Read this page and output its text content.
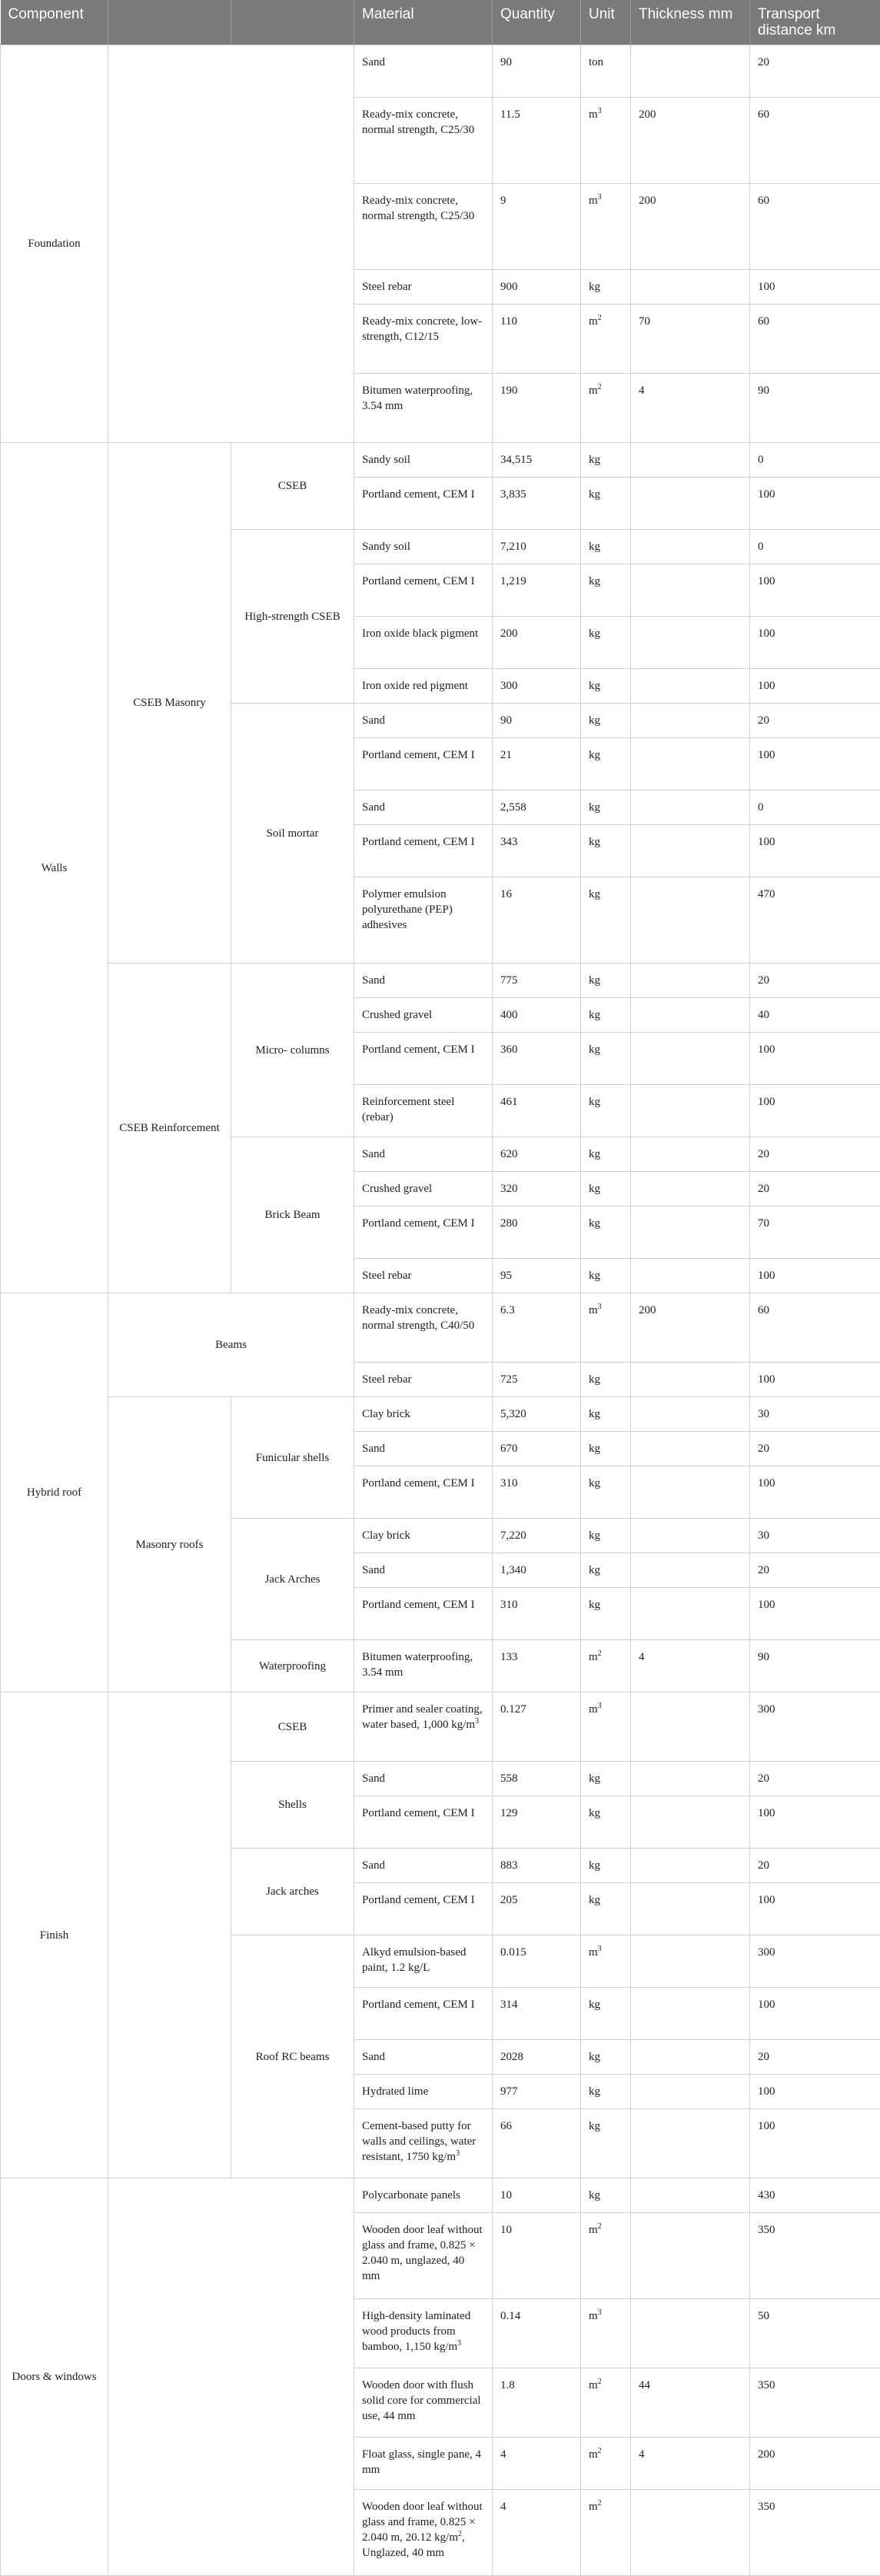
Component			Material	Quantity	Unit	Thickness mm	Transport distance km
Foundation			Sand	90	ton		20
			Ready-mix concrete, normal strength, C25/30	11.5	$m^3$	200	60
			Ready-mix concrete, normal strength, C25/30	9	$m^3$	200	60
			Steel rebar	900	kg		100
			Ready-mix concrete, low-strength, C12/15	110	$m^2$	70	60
			Bitumen waterproofing, 3.54 mm	190	$m^2$	4	90
Walls	CSEB Masonry	CSEB	Sandy soil	34,515	kg		0
			Portland cement, CEM I	3,835	kg		100
		High-strength CSEB	Sandy soil	7,210	kg		0
			Portland cement, CEM I	1,219	kg		100
			Iron oxide black pigment	200	kg		100
			Iron oxide red pigment	300	kg		100
		Soil mortar	Sand	90	kg		20
			Portland cement, CEM I	21	kg		100
			Sand	2,558	kg		0
			Portland cement, CEM I	343	kg		100
			Polymer emulsion polyurethane (PEP) adhesives	16	kg		470
	CSEB Reinforcement	Micro- columns	Sand	775	kg		20
			Crushed gravel	400	kg		40
			Portland cement, CEM I	360	kg		100
			Reinforcement steel (rebar)	461	kg		100
		Brick Beam	Sand	620	kg		20
			Crushed gravel	320	kg		20
			Portland cement, CEM I	280	kg		70
			Steel rebar	95	kg		100
Hybrid roof	Beams		Ready-mix concrete, normal strength, C40/50	6.3	$m^3$	200	60
			Steel rebar	725	kg		100
	Masonry roofs	Funicular shells	Clay brick	5,320	kg		30
			Sand	670	kg		20
			Portland cement, CEM I	310	kg		100
		Jack Arches	Clay brick	7,220	kg		30
			Sand	1,340	kg		20
			Portland cement, CEM I	310	kg		100
		Waterproofing	Bitumen waterproofing, 3.54 mm	133	$m^2$	4	90
Finish		CSEB	Primer and sealer coating, water based, 1,000 $kg/m^3$	0.127	$m^3$		300
		Shells	Sand	558	kg		20
			Portland cement, CEM I	129	kg		100
		Jack arches	Sand	883	kg		20
			Portland cement, CEM I	205	kg		100
		Roof RC beams	Alkyd emulsion-based paint, 1.2 kg/L	0.015	$m^3$		300
			Portland cement, CEM I	314	kg		100
			Sand	2028	kg		20
			Hydrated lime	977	kg		100
			Cement-based putty for walls and ceilings, water resistant, 1750 $kg/m^3$	66	kg		100
Doors & windows			Polycarbonate panels	10	kg		430
			Wooden door leaf without glass and frame, 0.825 × 2.040 m, unglazed, 40 mm	10	$m^2$		350
			High-density laminated wood products from bamboo, 1,150 $kg/m^3$	0.14	$m^3$		50
			Wooden door with flush solid core for commercial use, 44 mm	1.8	$m^2$	44	350
			Float glass, single pane, 4 mm	4	$m^2$	4	200
			Wooden door leaf without glass and frame, 0.825 × 2.040 m, 20.12 $kg/m^2$, Unglazed, 40 mm	4	$m^2$		350
